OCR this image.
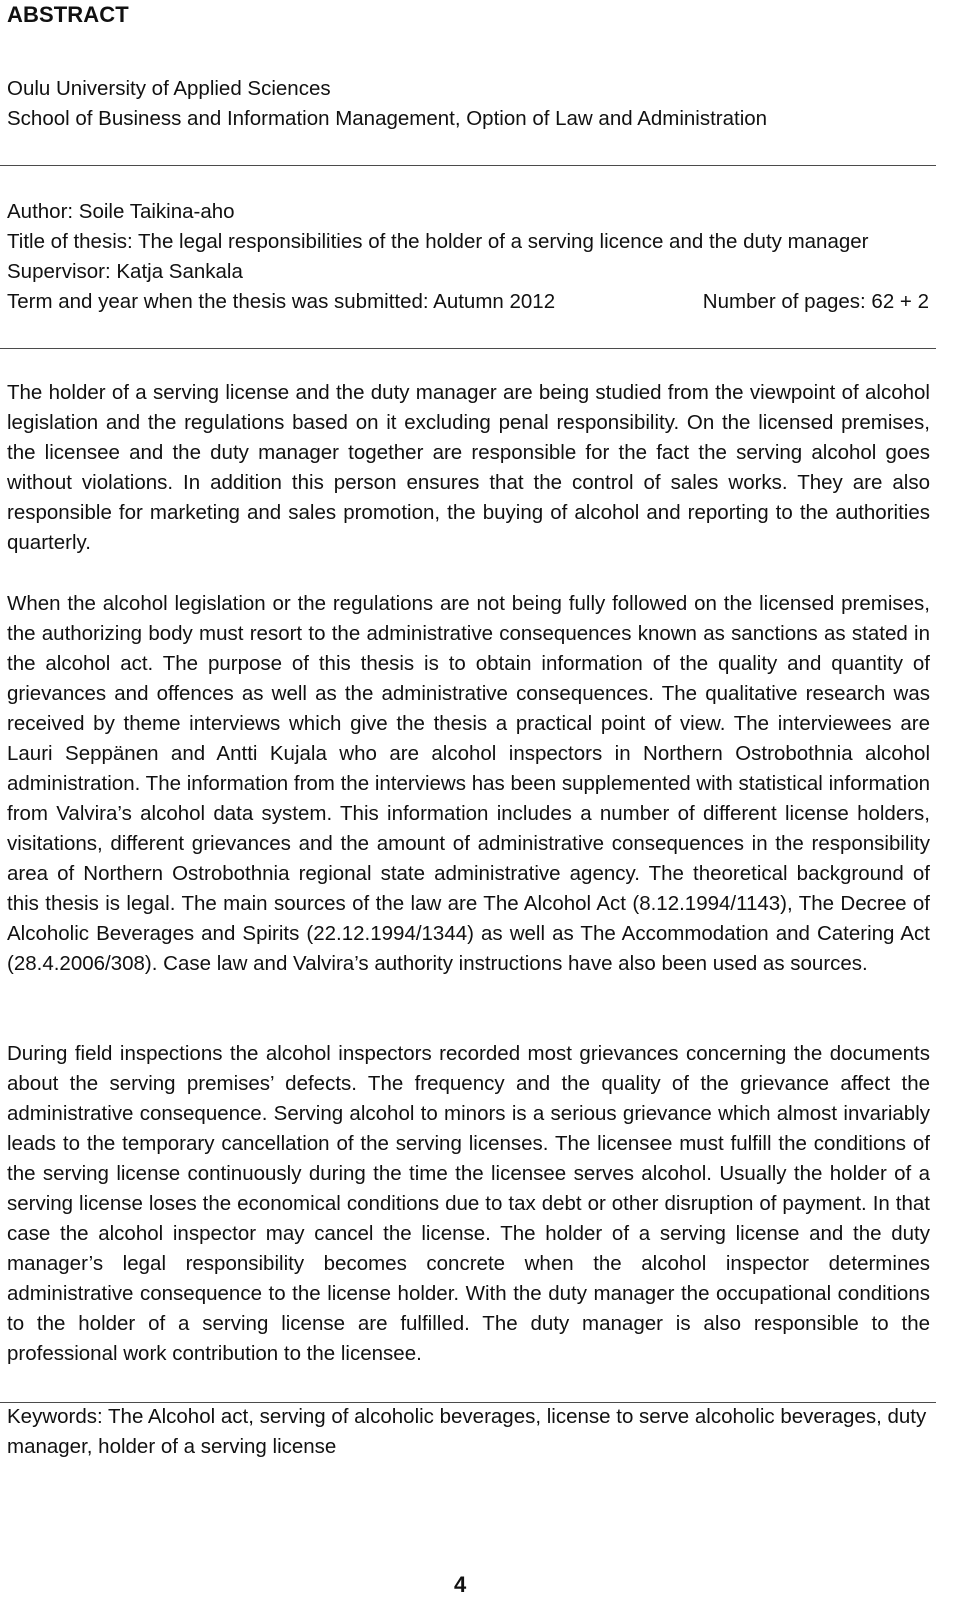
ABSTRACT
Oulu University of Applied Sciences
School of Business and Information Management, Option of Law and Administration
Author: Soile Taikina-aho
Title of thesis: The legal responsibilities of the holder of a serving licence and the duty manager
Supervisor: Katja Sankala
Term and year when the thesis was submitted: Autumn 2012	Number of pages: 62 + 2

The holder of a serving license and the duty manager are being studied from the viewpoint of alcohol legislation and the regulations based on it excluding penal responsibility. On the licensed premises, the licensee and the duty manager together are responsible for the fact the serving alcohol goes without violations. In addition this person ensures that the control of sales works. They are also responsible for marketing and sales promotion, the buying of alcohol and reporting to the authorities quarterly.

When the alcohol legislation or the regulations are not being fully followed on the licensed premises, the authorizing body must resort to the administrative consequences known as sanctions as stated in the alcohol act. The purpose of this thesis is to obtain information of the quality and quantity of grievances and offences as well as the administrative consequences. The qualitative research was received by theme interviews which give the thesis a practical point of view. The interviewees are Lauri Seppänen and Antti Kujala who are alcohol inspectors in Northern Ostrobothnia alcohol administration. The information from the interviews has been supplemented with statistical information from Valvira’s alcohol data system. This information includes a number of different license holders, visitations, different grievances and the amount of administrative consequences in the responsibility area of Northern Ostrobothnia regional state administrative agency. The theoretical background of this thesis is legal. The main sources of the law are The Alcohol Act (8.12.1994/1143), The Decree of Alcoholic Beverages and Spirits (22.12.1994/1344) as well as The Accommodation and Catering Act (28.4.2006/308). Case law and Valvira’s authority instructions have also been used as sources.

During field inspections the alcohol inspectors recorded most grievances concerning the documents about the serving premises’ defects. The frequency and the quality of the grievance affect the administrative consequence. Serving alcohol to minors is a serious grievance which almost invariably leads to the temporary cancellation of the serving licenses. The licensee must fulfill the conditions of the serving license continuously during the time the licensee serves alcohol. Usually the holder of a serving license loses the economical conditions due to tax debt or other disruption of payment. In that case the alcohol inspector may cancel the license. The holder of a serving license and the duty manager’s legal responsibility becomes concrete when the alcohol inspector determines administrative consequence to the license holder. With the duty manager the occupational conditions to the holder of a serving license are fulfilled. The duty manager is also responsible to the professional work contribution to the licensee.

Keywords: The Alcohol act, serving of alcoholic beverages, license to serve alcoholic beverages, duty manager, holder of a serving license

4
